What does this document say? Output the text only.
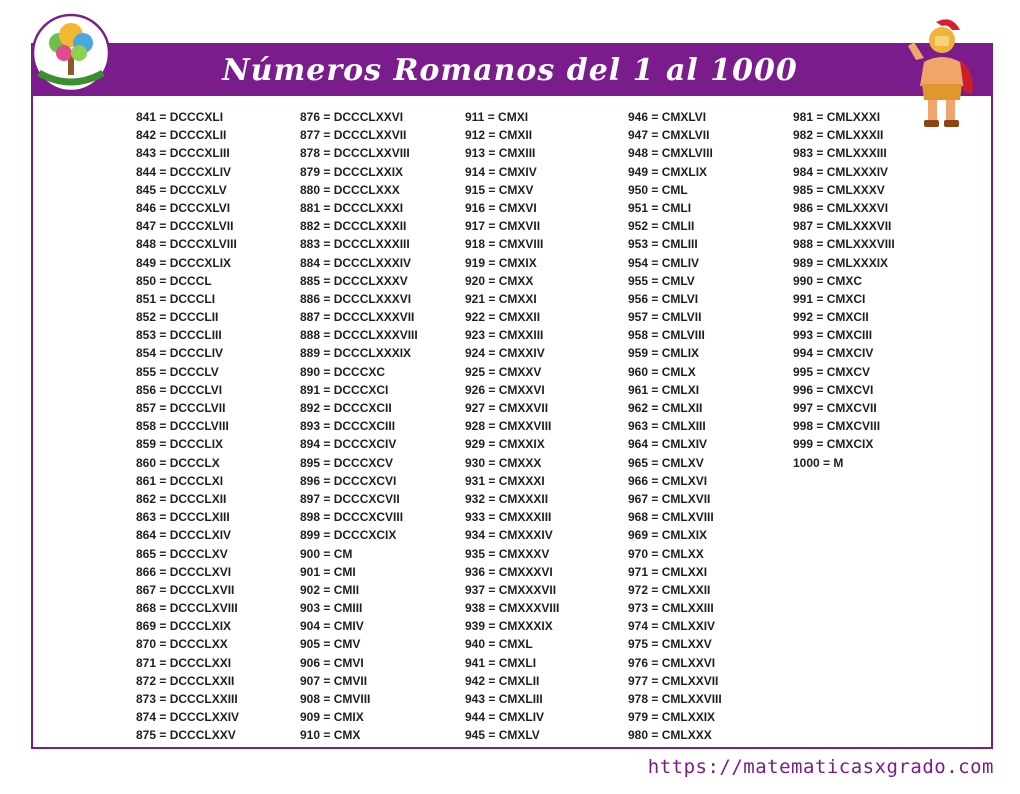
Números Romanos del 1 al 1000
841 = DCCCXLI
842 = DCCCXLII
843 = DCCCXLIII
844 = DCCCXLIV
845 = DCCCXLV
846 = DCCCXLVI
847 = DCCCXLVII
848 = DCCCXLVIII
849 = DCCCXLIX
850 = DCCCL
851 = DCCCLI
852 = DCCCLII
853 = DCCCLIII
854 = DCCCLIV
855 = DCCCLV
856 = DCCCLVI
857 = DCCCLVII
858 = DCCCLVIII
859 = DCCCLIX
860 = DCCCLX
861 = DCCCLXI
862 = DCCCLXII
863 = DCCCLXIII
864 = DCCCLXIV
865 = DCCCLXV
866 = DCCCLXVI
867 = DCCCLXVII
868 = DCCCLXVIII
869 = DCCCLXIX
870 = DCCCLXX
871 = DCCCLXXI
872 = DCCCLXXII
873 = DCCCLXXIII
874 = DCCCLXXIV
875 = DCCCLXXV
876 = DCCCLXXVI
877 = DCCCLXXVII
878 = DCCCLXXVIII
879 = DCCCLXXIX
880 = DCCCLXXX
881 = DCCCLXXXI
882 = DCCCLXXXII
883 = DCCCLXXXIII
884 = DCCCLXXXIV
885 = DCCCLXXXV
886 = DCCCLXXXVI
887 = DCCCLXXXVII
888 = DCCCLXXXVIII
889 = DCCCLXXXIX
890 = DCCCXC
891 = DCCCXCI
892 = DCCCXCII
893 = DCCCXCIII
894 = DCCCXCIV
895 = DCCCXCV
896 = DCCCXCVI
897 = DCCCXCVII
898 = DCCCXCVIII
899 = DCCCXCIX
900 = CM
901 = CMI
902 = CMII
903 = CMIII
904 = CMIV
905 = CMV
906 = CMVI
907 = CMVII
908 = CMVIII
909 = CMIX
910 = CMX
911 = CMXI
912 = CMXII
913 = CMXIII
914 = CMXIV
915 = CMXV
916 = CMXVI
917 = CMXVII
918 = CMXVIII
919 = CMXIX
920 = CMXX
921 = CMXXI
922 = CMXXII
923 = CMXXIII
924 = CMXXIV
925 = CMXXV
926 = CMXXVI
927 = CMXXVII
928 = CMXXVIII
929 = CMXXIX
930 = CMXXX
931 = CMXXXI
932 = CMXXXII
933 = CMXXXIII
934 = CMXXXIV
935 = CMXXXV
936 = CMXXXVI
937 = CMXXXVII
938 = CMXXXVIII
939 = CMXXXIX
940 = CMXL
941 = CMXLI
942 = CMXLII
943 = CMXLIII
944 = CMXLIV
945 = CMXLV
946 = CMXLVI
947 = CMXLVII
948 = CMXLVIII
949 = CMXLIX
950 = CML
951 = CMLI
952 = CMLII
953 = CMLIII
954 = CMLIV
955 = CMLV
956 = CMLVI
957 = CMLVII
958 = CMLVIII
959 = CMLIX
960 = CMLX
961 = CMLXI
962 = CMLXII
963 = CMLXIII
964 = CMLXIV
965 = CMLXV
966 = CMLXVI
967 = CMLXVII
968 = CMLXVIII
969 = CMLXIX
970 = CMLXX
971 = CMLXXI
972 = CMLXXII
973 = CMLXXIII
974 = CMLXXIV
975 = CMLXXV
976 = CMLXXVI
977 = CMLXXVII
978 = CMLXXVIII
979 = CMLXXIX
980 = CMLXXX
981 = CMLXXXI
982 = CMLXXXII
983 = CMLXXXIII
984 = CMLXXXIV
985 = CMLXXXV
986 = CMLXXXVI
987 = CMLXXXVII
988 = CMLXXXVIII
989 = CMLXXXIX
990 = CMXC
991 = CMXCI
992 = CMXCII
993 = CMXCIII
994 = CMXCIV
995 = CMXCV
996 = CMXCVI
997 = CMXCVII
998 = CMXCVIII
999 = CMXCIX
1000 = M
https://matematicasxgrado.com
